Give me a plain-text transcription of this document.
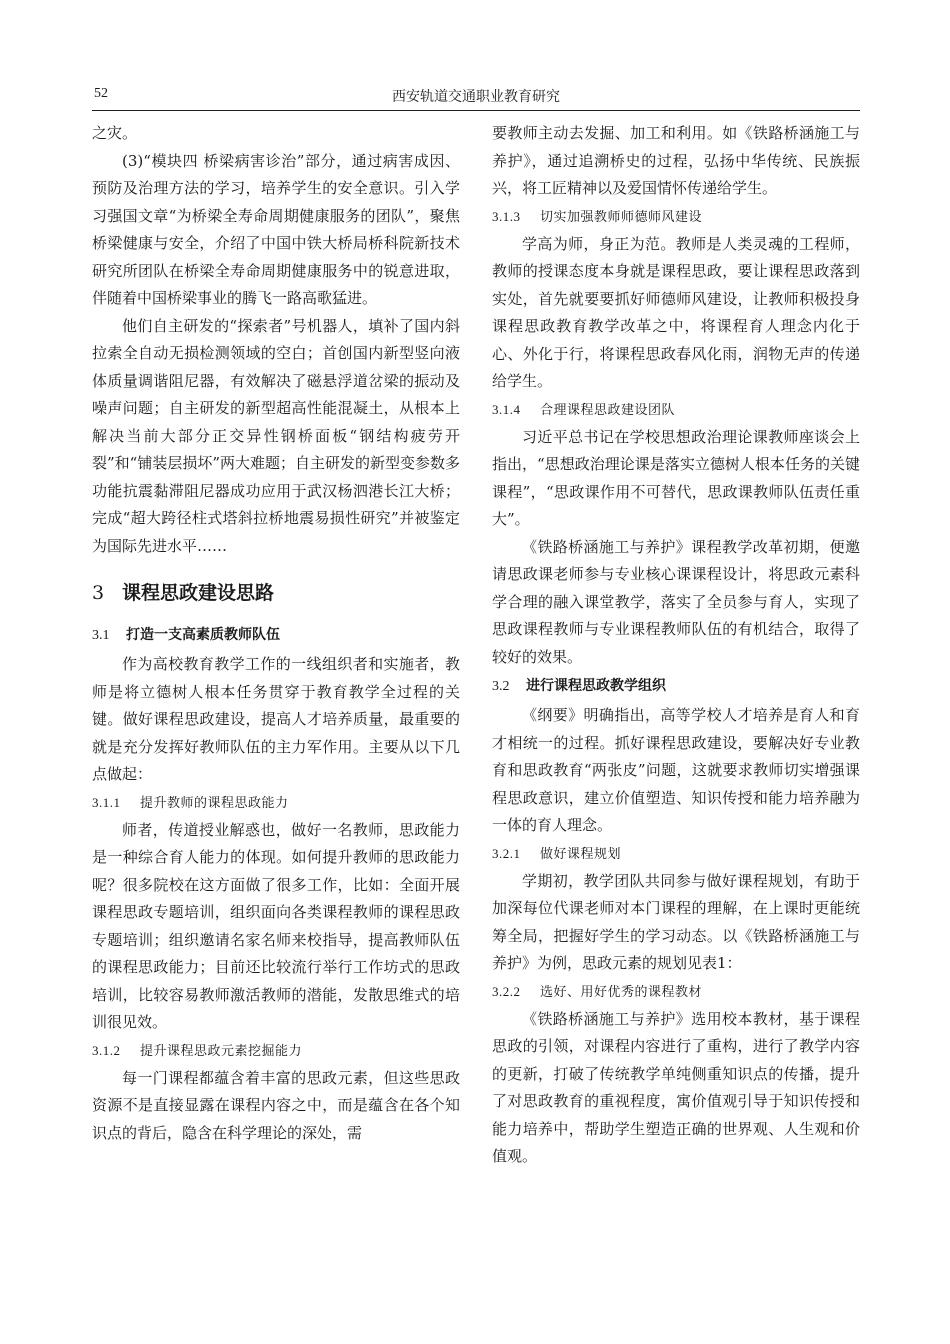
52	西安轨道交通职业教育研究

之灾。

(3)“模块四 桥梁病害诊治”部分，通过病害成因、预防及治理方法的学习，培养学生的安全意识。引入学习强国文章“为桥梁全寿命周期健康服务的团队”，聚焦桥梁健康与安全，介绍了中国中铁大桥局桥科院新技术研究所团队在桥梁全寿命周期健康服务中的锐意进取，伴随着中国桥梁事业的腾飞一路高歌猛进。

他们自主研发的“探索者”号机器人，填补了国内斜拉索全自动无损检测领域的空白；首创国内新型竖向液体质量调谐阻尼器，有效解决了磁悬浮道岔梁的振动及噪声问题；自主研发的新型超高性能混凝土，从根本上解决当前大部分正交异性钢桥面板“钢结构疲劳开裂”和“铺装层损坏”两大难题；自主研发的新型变参数多功能抗震黏滞阻尼器成功应用于武汉杨泗港长江大桥；完成“超大跨径柱式塔斜拉桥地震易损性研究”并被鉴定为国际先进水平……

3 课程思政建设思路
3.1 打造一支高素质教师队伍

作为高校教育教学工作的一线组织者和实施者，教师是将立德树人根本任务贯穿于教育教学全过程的关键。做好课程思政建设，提高人才培养质量，最重要的就是充分发挥好教师队伍的主力军作用。主要从以下几点做起：

3.1.1 提升教师的课程思政能力

师者，传道授业解惑也，做好一名教师，思政能力是一种综合育人能力的体现。如何提升教师的思政能力呢？很多院校在这方面做了很多工作，比如：全面开展课程思政专题培训，组织面向各类课程教师的课程思政专题培训；组织邀请名家名师来校指导，提高教师队伍的课程思政能力；目前还比较流行举行工作坊式的思政培训，比较容易教师激活教师的潜能，发散思维式的培训很见效。

3.1.2 提升课程思政元素挖掘能力

每一门课程都蕴含着丰富的思政元素，但这些思政资源不是直接显露在课程内容之中，而是蕴含在各个知识点的背后，隐含在科学理论的深处，需

要教师主动去发掘、加工和利用。如《铁路桥涵施工与养护》，通过追溯桥史的过程，弘扬中华传统、民族振兴，将工匠精神以及爱国情怀传递给学生。

3.1.3 切实加强教师师德师风建设

学高为师，身正为范。教师是人类灵魂的工程师，教师的授课态度本身就是课程思政，要让课程思政落到实处，首先就要要抓好师德师风建设，让教师积极投身课程思政教育教学改革之中，将课程育人理念内化于心、外化于行，将课程思政春风化雨，润物无声的传递给学生。

3.1.4 合理课程思政建设团队

习近平总书记在学校思想政治理论课教师座谈会上指出，“思想政治理论课是落实立德树人根本任务的关键课程”，“思政课作用不可替代，思政课教师队伍责任重大”。

《铁路桥涵施工与养护》课程教学改革初期，便邀请思政课老师参与专业核心课课程设计，将思政元素科学合理的融入课堂教学，落实了全员参与育人，实现了思政课程教师与专业课程教师队伍的有机结合，取得了较好的效果。

3.2 进行课程思政教学组织

《纲要》明确指出，高等学校人才培养是育人和育才相统一的过程。抓好课程思政建设，要解决好专业教育和思政教育“两张皮”问题，这就要求教师切实增强课程思政意识，建立价值塑造、知识传授和能力培养融为一体的育人理念。

3.2.1 做好课程规划

学期初，教学团队共同参与做好课程规划，有助于加深每位代课老师对本门课程的理解，在上课时更能统筹全局，把握好学生的学习动态。以《铁路桥涵施工与养护》为例，思政元素的规划见表1：

3.2.2 选好、用好优秀的课程教材

《铁路桥涵施工与养护》选用校本教材，基于课程思政的引领，对课程内容进行了重构，进行了教学内容的更新，打破了传统教学单纯侧重知识点的传播，提升了对思政教育的重视程度，寓价值观引导于知识传授和能力培养中，帮助学生塑造正确的世界观、人生观和价值观。
